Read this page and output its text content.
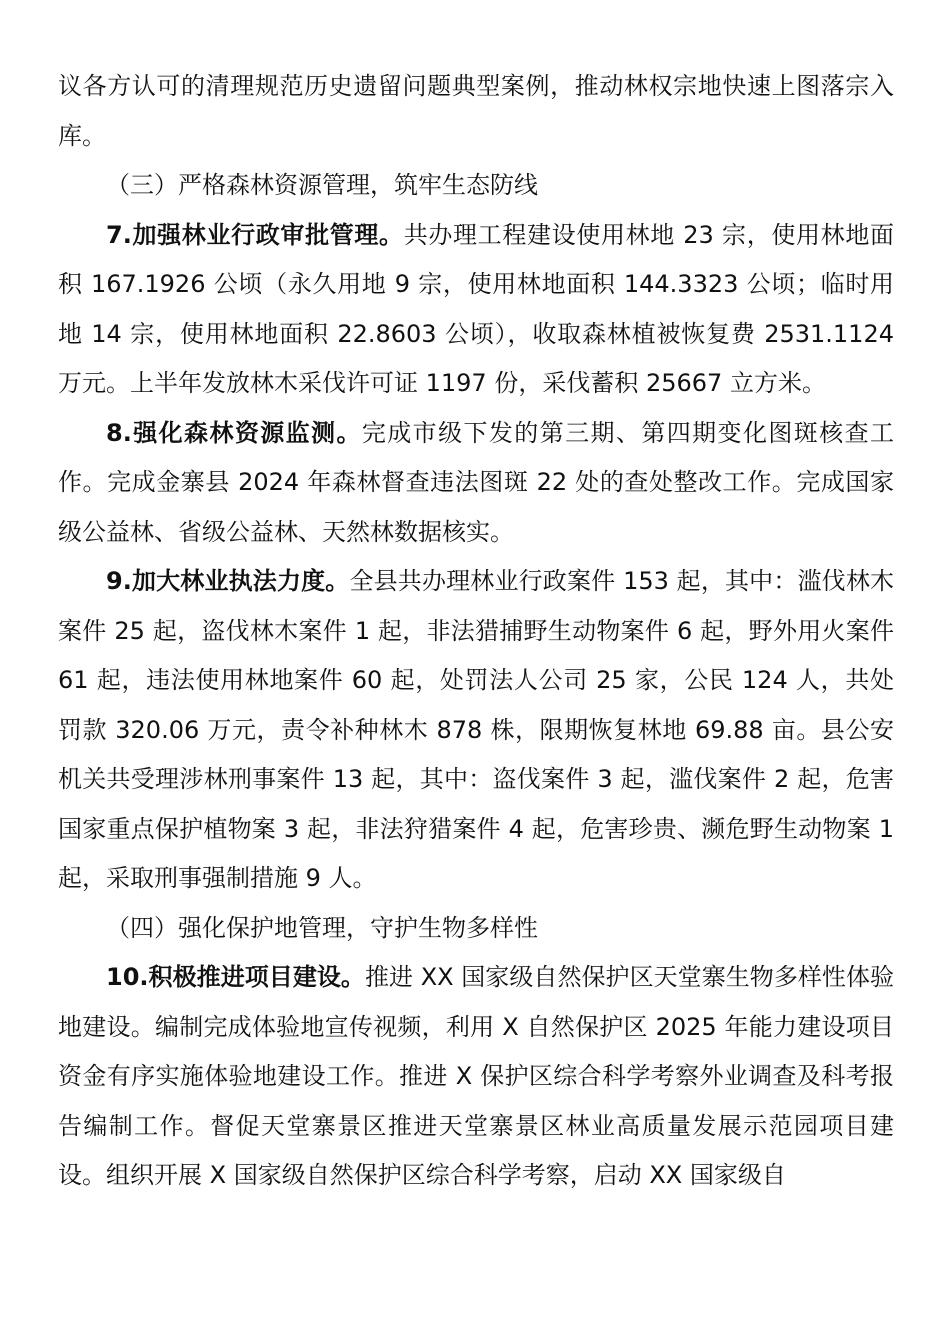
议各方认可的清理规范历史遗留问题典型案例，推动林权宗地快速上图落宗入库。

（三）严格森林资源管理，筑牢生态防线

7.加强林业行政审批管理。共办理工程建设使用林地 23 宗，使用林地面积 167.1926 公顷（永久用地 9 宗，使用林地面积 144.3323 公顷；临时用地 14 宗，使用林地面积 22.8603 公顷），收取森林植被恢复费 2531.1124 万元。上半年发放林木采伐许可证 1197 份，采伐蓄积 25667 立方米。

8.强化森林资源监测。完成市级下发的第三期、第四期变化图斑核查工作。完成金寨县 2024 年森林督查违法图斑 22 处的查处整改工作。完成国家级公益林、省级公益林、天然林数据核实。

9.加大林业执法力度。全县共办理林业行政案件 153 起，其中：滥伐林木案件 25 起，盗伐林木案件 1 起，非法猎捕野生动物案件 6 起，野外用火案件 61 起，违法使用林地案件 60 起，处罚法人公司 25 家，公民 124 人，共处罚款 320.06 万元，责令补种林木 878 株，限期恢复林地 69.88 亩。县公安机关共受理涉林刑事案件 13 起，其中：盗伐案件 3 起，滥伐案件 2 起，危害国家重点保护植物案 3 起，非法狩猎案件 4 起，危害珍贵、濒危野生动物案 1 起，采取刑事强制措施 9 人。

（四）强化保护地管理，守护生物多样性

10.积极推进项目建设。推进 XX 国家级自然保护区天堂寨生物多样性体验地建设。编制完成体验地宣传视频，利用 X 自然保护区 2025 年能力建设项目资金有序实施体验地建设工作。推进 X 保护区综合科学考察外业调查及科考报告编制工作。督促天堂寨景区推进天堂寨景区林业高质量发展示范园项目建设。组织开展 X 国家级自然保护区综合科学考察，启动 XX 国家级自
